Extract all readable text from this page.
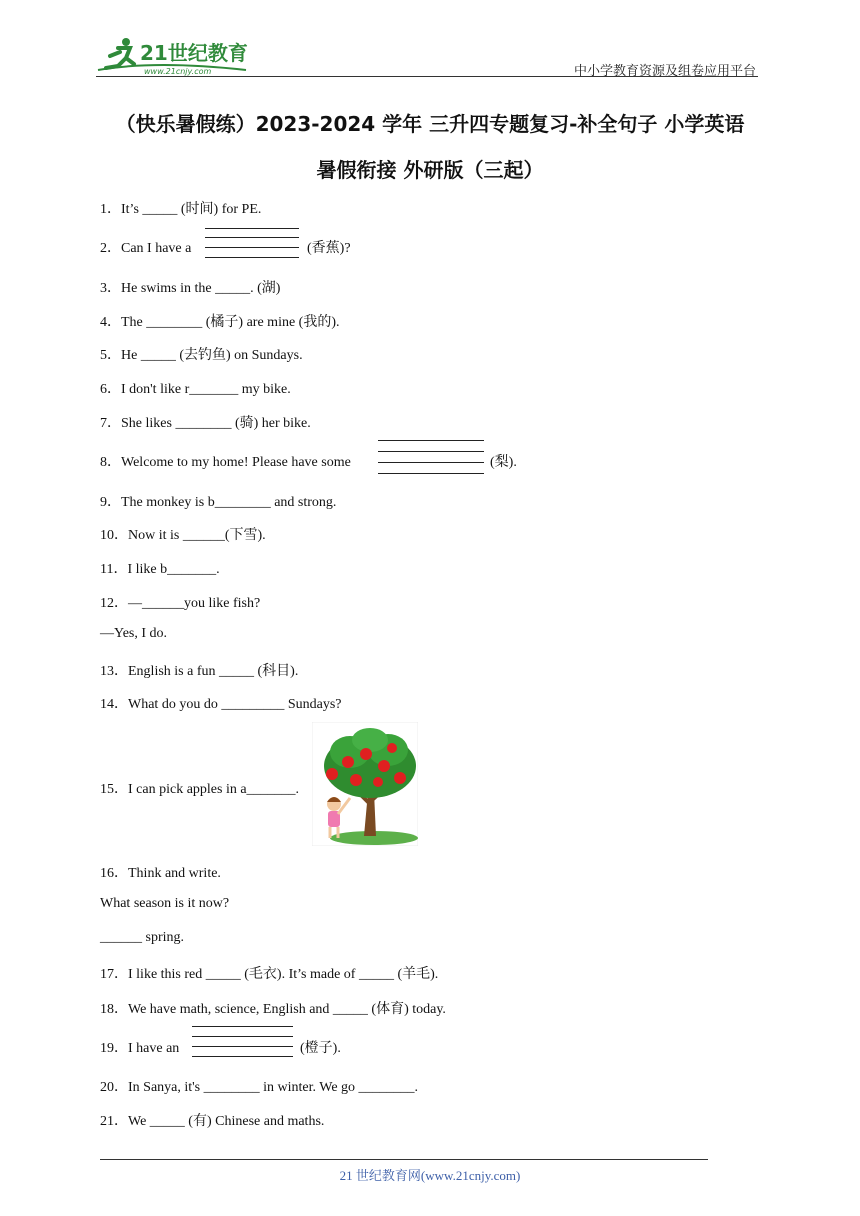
21世纪教育
www.21cnjy.com	中小学教育资源及组卷应用平台
（快乐暑假练）2023-2024 学年 三升四专题复习-补全句子 小学英语
暑假衔接 外研版（三起）
1．It’s _____ (时间) for PE.
2．Can I have a	(香蕉)?
3．He swims in the _____. (湖)
4．The ________ (橘子) are mine (我的).
5．He _____ (去钓鱼) on Sundays.
6．I don't like r_______ my bike.
7．She likes ________ (骑) her bike.
8．Welcome to my home! Please have some	(梨).
9．The monkey is b________ and strong.
10．Now it is ______(下雪).
11．I like b_______.
12．—______you like fish?
—Yes, I do.
13．English is a fun _____ (科目).
14．What do you do _________ Sundays?
15．I can pick apples in a_______.
16．Think and write.
What season is it now?
______ spring.
17．I like this red _____ (毛衣). It’s made of _____ (羊毛).
18．We have math, science, English and _____ (体育) today.
19．I have an	(橙子).
20．In Sanya, it's ________ in winter. We go ________.
21．We _____ (有) Chinese and maths.
21 世纪教育网(www.21cnjy.com)
